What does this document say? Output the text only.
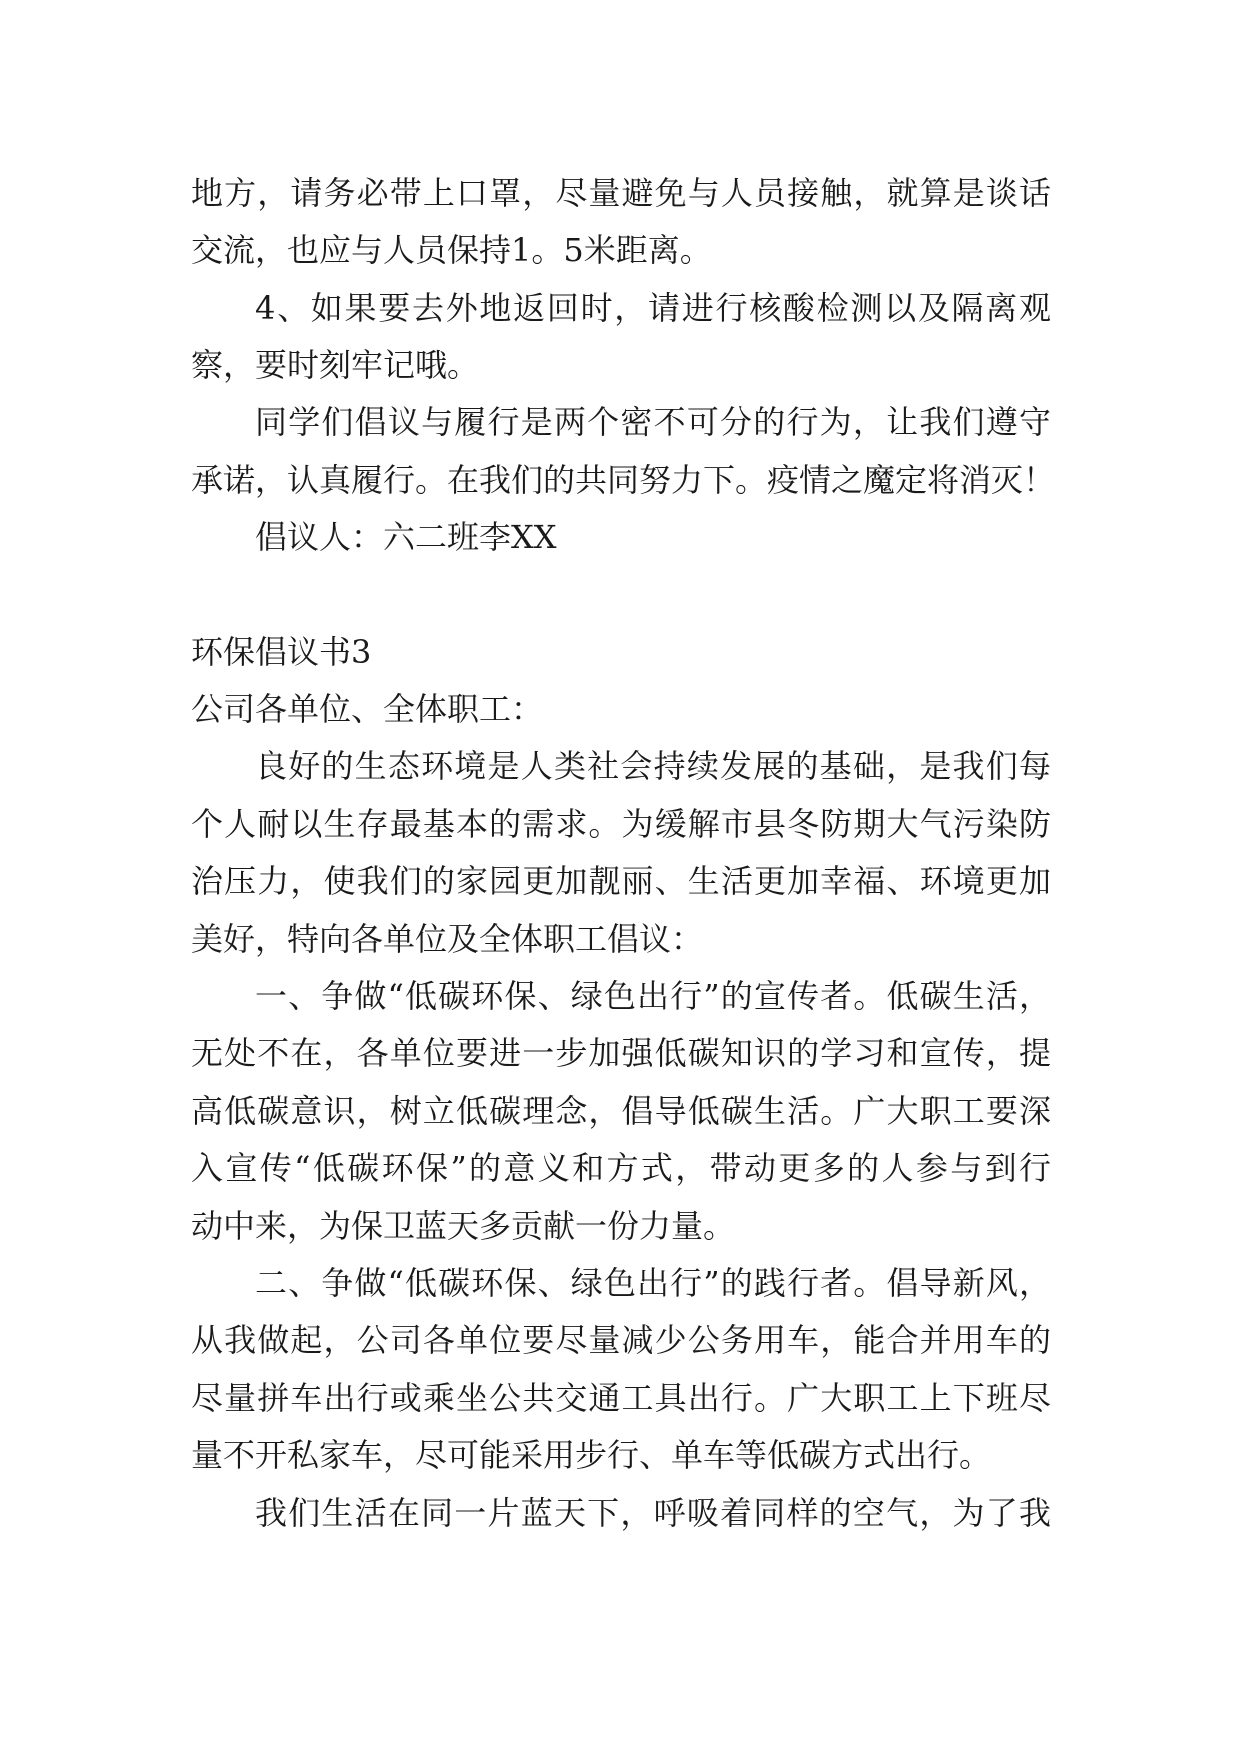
地方，请务必带上口罩，尽量避免与人员接触，就算是谈话
交流，也应与人员保持1。5米距离。
4、如果要去外地返回时，请进行核酸检测以及隔离观
察，要时刻牢记哦。
同学们倡议与履行是两个密不可分的行为，让我们遵守
承诺，认真履行。在我们的共同努力下。疫情之魔定将消灭！
倡议人：六二班李XX
环保倡议书3
公司各单位、全体职工：
良好的生态环境是人类社会持续发展的基础，是我们每
个人耐以生存最基本的需求。为缓解市县冬防期大气污染防
治压力，使我们的家园更加靓丽、生活更加幸福、环境更加
美好，特向各单位及全体职工倡议：
一、争做“低碳环保、绿色出行”的宣传者。低碳生活，
无处不在，各单位要进一步加强低碳知识的学习和宣传，提
高低碳意识，树立低碳理念，倡导低碳生活。广大职工要深
入宣传“低碳环保”的意义和方式，带动更多的人参与到行
动中来，为保卫蓝天多贡献一份力量。
二、争做“低碳环保、绿色出行”的践行者。倡导新风，
从我做起，公司各单位要尽量减少公务用车，能合并用车的
尽量拼车出行或乘坐公共交通工具出行。广大职工上下班尽
量不开私家车，尽可能采用步行、单车等低碳方式出行。
我们生活在同一片蓝天下，呼吸着同样的空气，为了我
